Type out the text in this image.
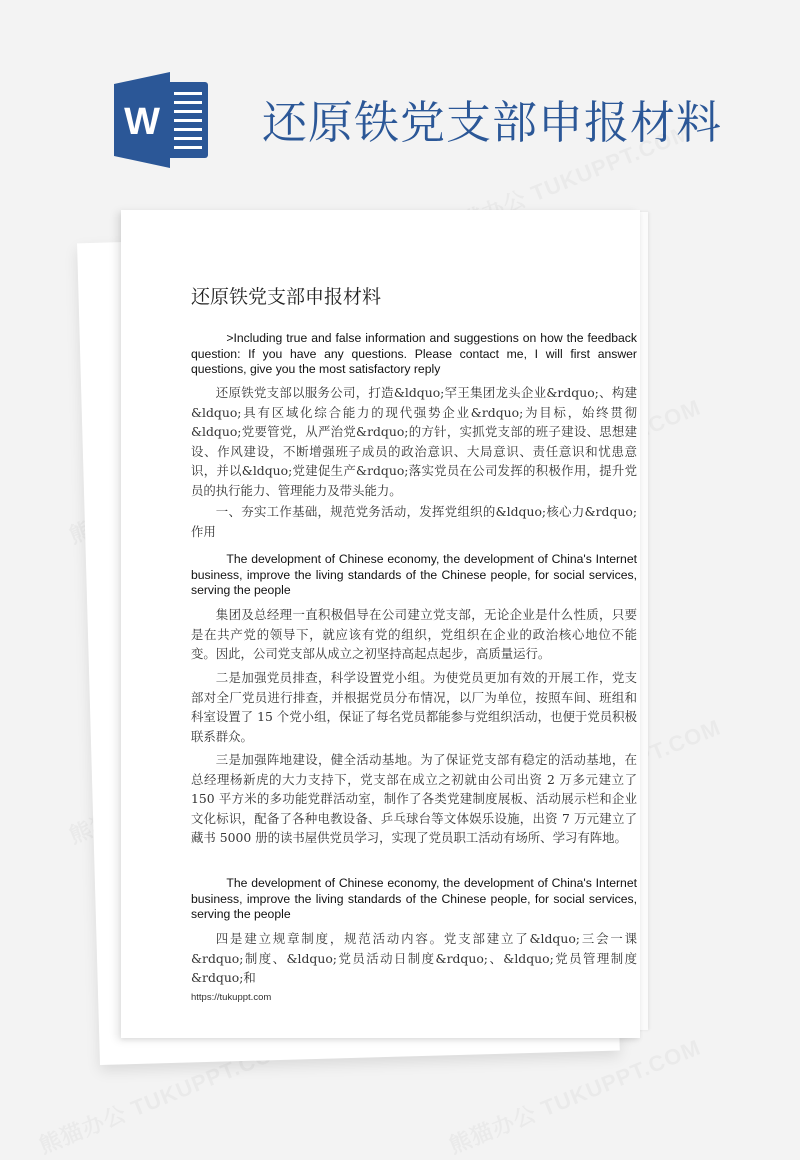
W 还原铁党支部申报材料
还原铁党支部申报材料
>Including true and false information and suggestions on how the feedback question: If you have any questions. Please contact me, I will first answer questions, give you the most satisfactory reply
还原铁党支部以服务公司，打造&ldquo;罕王集团龙头企业&rdquo;、构建&ldquo;具有区域化综合能力的现代强势企业&rdquo;为目标，始终贯彻&ldquo;党要管党，从严治党&rdquo;的方针，实抓党支部的班子建设、思想建设、作风建设，不断增强班子成员的政治意识、大局意识、责任意识和忧患意识，并以&ldquo;党建促生产&rdquo;落实党员在公司发挥的积极作用，提升党员的执行能力、管理能力及带头能力。
一、夯实工作基础，规范党务活动，发挥党组织的&ldquo;核心力&rdquo;作用
The development of Chinese economy, the development of China's Internet business, improve the living standards of the Chinese people, for social services, serving the people
集团及总经理一直积极倡导在公司建立党支部，无论企业是什么性质，只要是在共产党的领导下，就应该有党的组织，党组织在企业的政治核心地位不能变。因此，公司党支部从成立之初坚持高起点起步，高质量运行。
二是加强党员排查，科学设置党小组。为使党员更加有效的开展工作，党支部对全厂党员进行排查，并根据党员分布情况，以厂为单位，按照车间、班组和科室设置了 15 个党小组，保证了每名党员都能参与党组织活动，也便于党员积极联系群众。
三是加强阵地建设，健全活动基地。为了保证党支部有稳定的活动基地，在总经理杨新虎的大力支持下，党支部在成立之初就由公司出资 2 万多元建立了 150 平方米的多功能党群活动室，制作了各类党建制度展板、活动展示栏和企业文化标识，配备了各种电教设备、乒乓球台等文体娱乐设施，出资 7 万元建立了藏书 5000 册的读书屋供党员学习，实现了党员职工活动有场所、学习有阵地。
The development of Chinese economy, the development of China's Internet business, improve the living standards of the Chinese people, for social services, serving the people
四是建立规章制度，规范活动内容。党支部建立了&ldquo;三会一课&rdquo;制度、&ldquo;党员活动日制度&rdquo;、&ldquo;党员管理制度&rdquo;和
https://tukuppt.com
